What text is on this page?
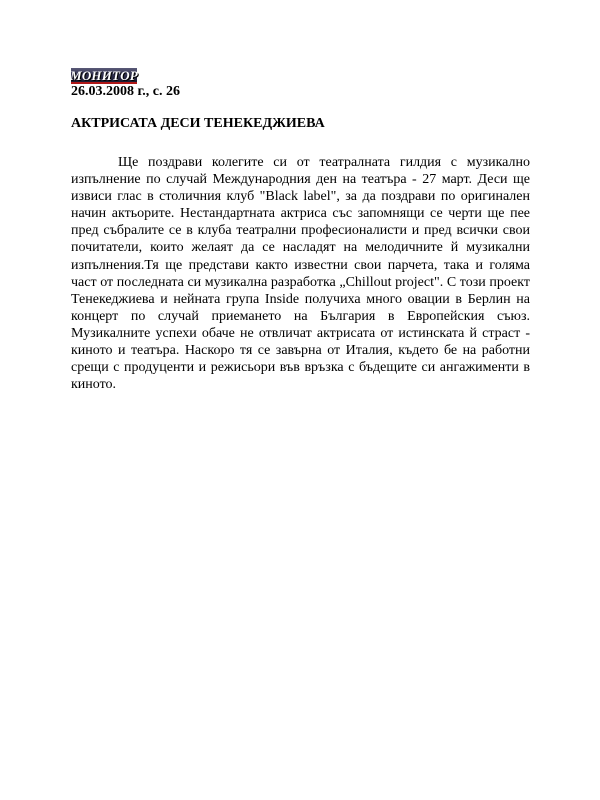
МОНИТОР

26.03.2008 г., с. 26

АКТРИСАТА ДЕСИ ТЕНЕКЕДЖИЕВА

Ще поздрави колегите си от театралната гилдия с музикално изпълнение по случай Международния ден на театъра - 27 март. Деси ще извиси глас в столичния клуб "Black label", за да поздрави по оригинален начин актьорите. Нестандартната актриса със запомнящи се черти ще пее пред събралите се в клуба театрални професионалисти и пред всички свои почитатели, които желаят да се насладят на мелодичните й музикални изпълнения.Тя ще представи както известни свои парчета, така и голяма част от последната си музикална разработка „Chillout project". С този проект Тенекеджиева и нейната група Inside получиха много овации в Берлин на концерт по случай приемането на България в Европейския съюз. Музикалните успехи обаче не отвличат актрисата от истинската й страст - киното и театъра. Наскоро тя се завърна от Италия, където бе на работни срещи с продуценти и режисьори във връзка с бъдещите си ангажименти в киното.
